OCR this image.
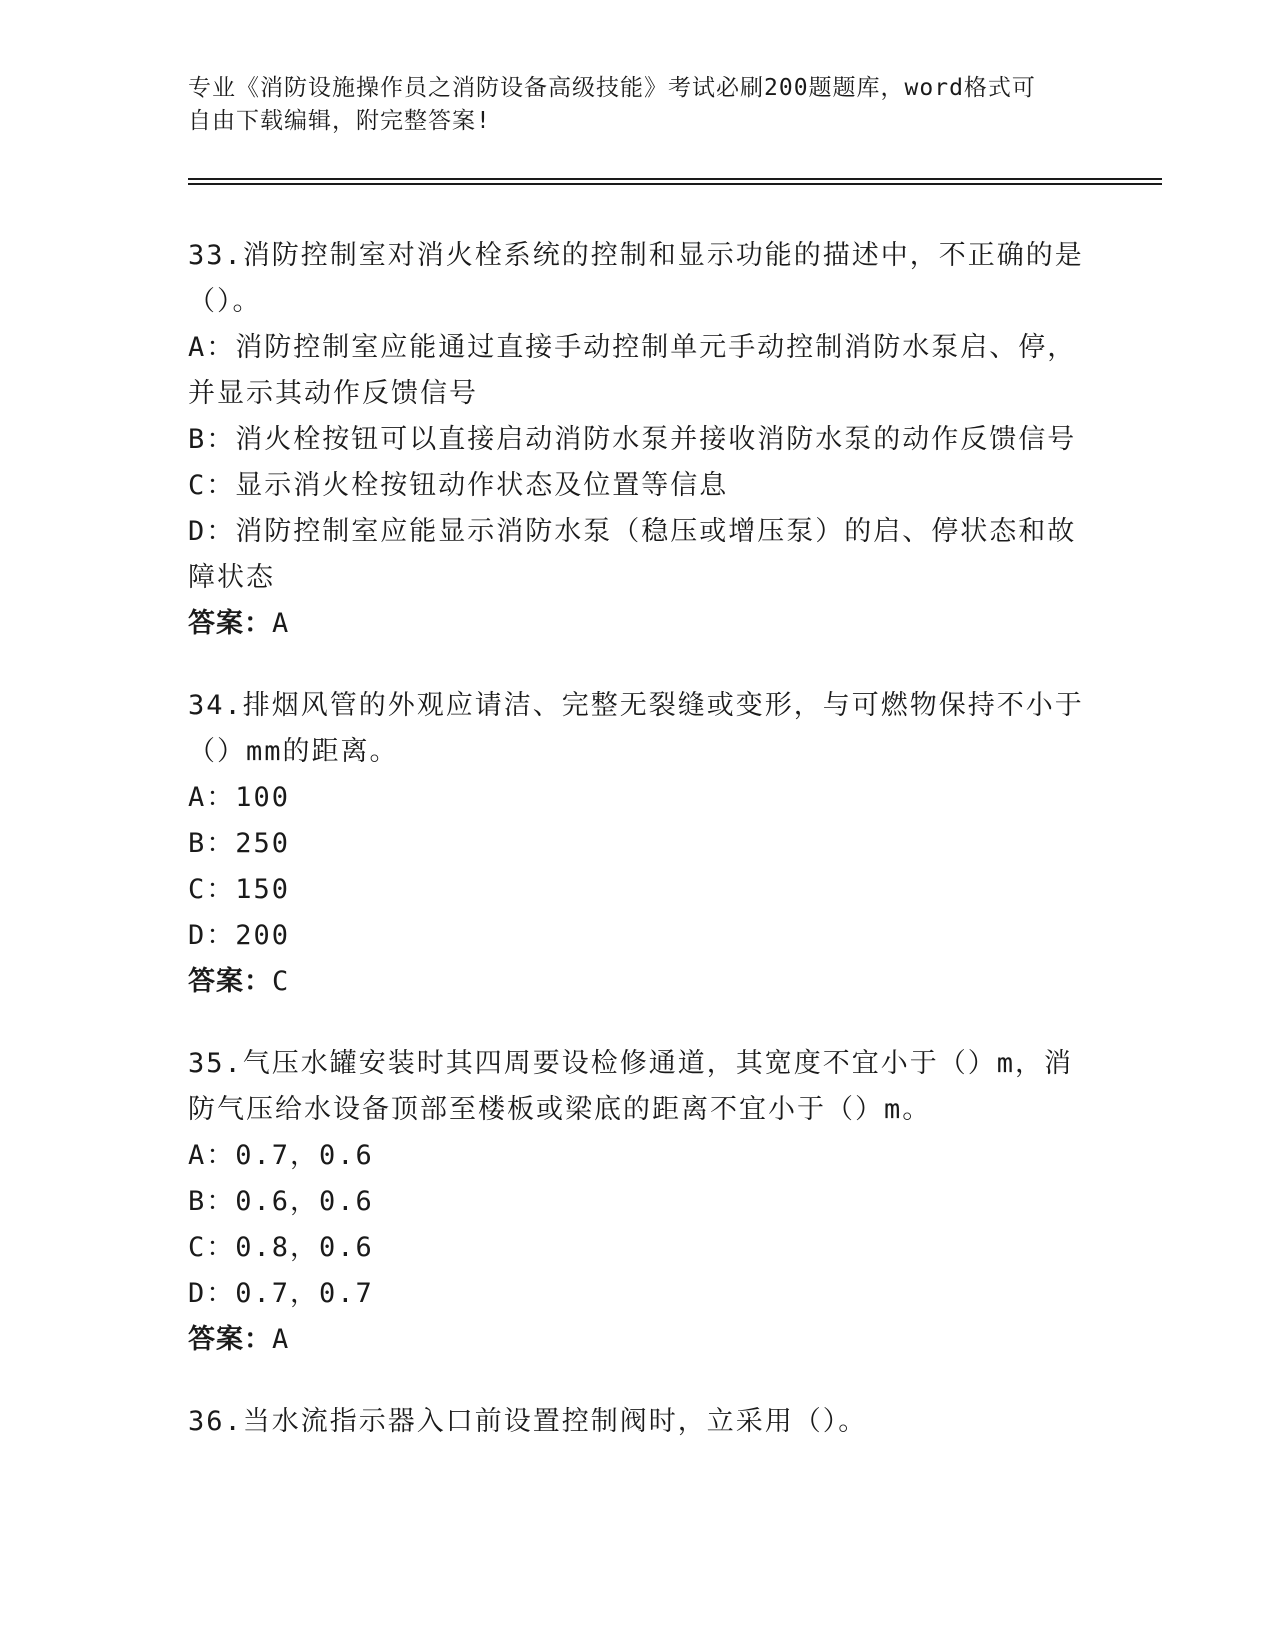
专业《消防设施操作员之消防设备高级技能》考试必刷200题题库，word格式可
自由下载编辑，附完整答案!
33.消防控制室对消火栓系统的控制和显示功能的描述中，不正确的是
（）。
A：消防控制室应能通过直接手动控制单元手动控制消防水泵启、停，
并显示其动作反馈信号
B：消火栓按钮可以直接启动消防水泵并接收消防水泵的动作反馈信号
C：显示消火栓按钮动作状态及位置等信息
D：消防控制室应能显示消防水泵（稳压或增压泵）的启、停状态和故
障状态
答案：A
34.排烟风管的外观应请洁、完整无裂缝或变形，与可燃物保持不小于
（）mm的距离。
A：100
B：250
C：150
D：200
答案：C
35.气压水罐安装时其四周要设检修通道，其宽度不宜小于（）m，消
防气压给水设备顶部至楼板或梁底的距离不宜小于（）m。
A：0.7，0.6
B：0.6，0.6
C：0.8，0.6
D：0.7，0.7
答案：A
36.当水流指示器入口前设置控制阀时，立采用（）。
